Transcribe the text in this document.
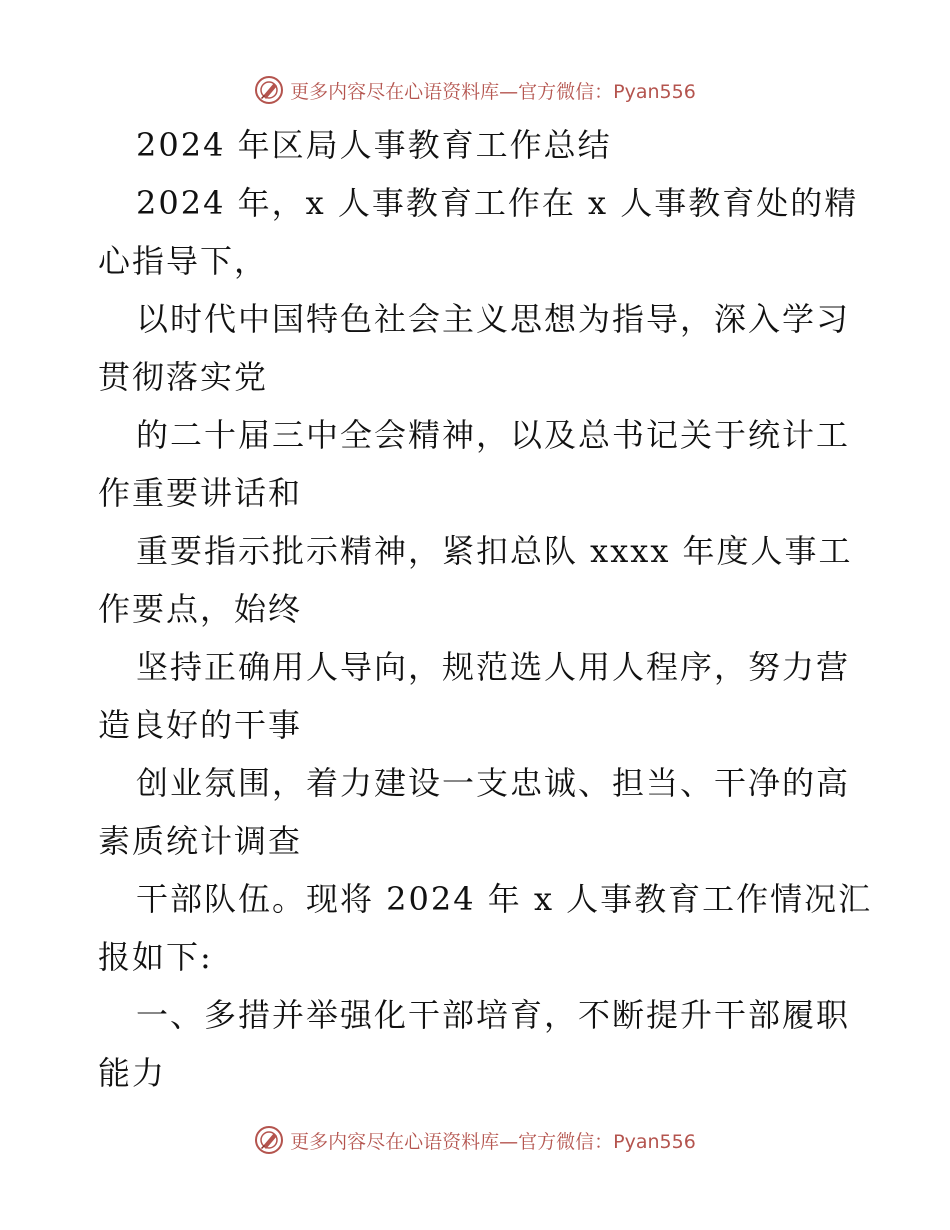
更多内容尽在心语资料库—官方微信：Pyan556
2024 年区局人事教育工作总结
2024 年，x 人事教育工作在 x 人事教育处的精
心指导下，
以时代中国特色社会主义思想为指导，深入学习
贯彻落实党
的二十届三中全会精神，以及总书记关于统计工
作重要讲话和
重要指示批示精神，紧扣总队 xxxx 年度人事工
作要点，始终
坚持正确用人导向，规范选人用人程序，努力营
造良好的干事
创业氛围，着力建设一支忠诚、担当、干净的高
素质统计调查
干部队伍。现将 2024 年 x 人事教育工作情况汇
报如下:
一、多措并举强化干部培育，不断提升干部履职
能力
更多内容尽在心语资料库—官方微信：Pyan556
